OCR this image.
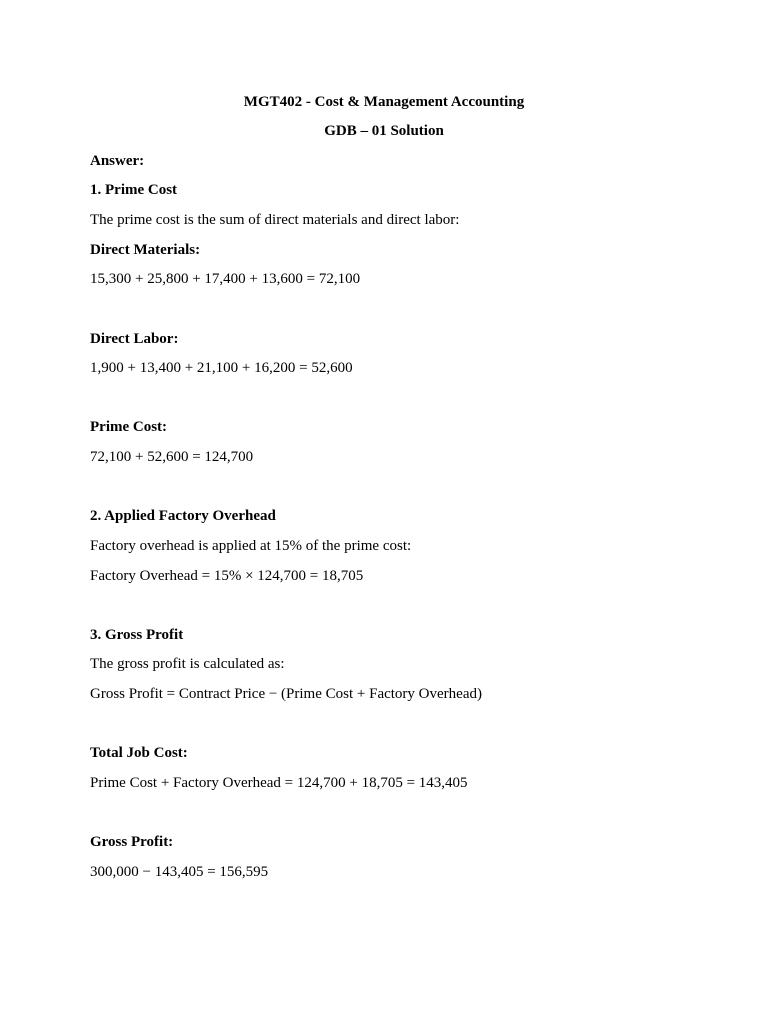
MGT402 - Cost & Management Accounting
GDB – 01 Solution
Answer:
1. Prime Cost
The prime cost is the sum of direct materials and direct labor:
Direct Materials:
15,300 + 25,800 + 17,400 + 13,600 = 72,100
Direct Labor:
1,900 + 13,400 + 21,100 + 16,200 = 52,600
Prime Cost:
72,100 + 52,600 = 124,700
2. Applied Factory Overhead
Factory overhead is applied at 15% of the prime cost:
Factory Overhead = 15% × 124,700 = 18,705
3. Gross Profit
The gross profit is calculated as:
Gross Profit = Contract Price − (Prime Cost + Factory Overhead)
Total Job Cost:
Prime Cost + Factory Overhead = 124,700 + 18,705 = 143,405
Gross Profit:
300,000 − 143,405 = 156,595
